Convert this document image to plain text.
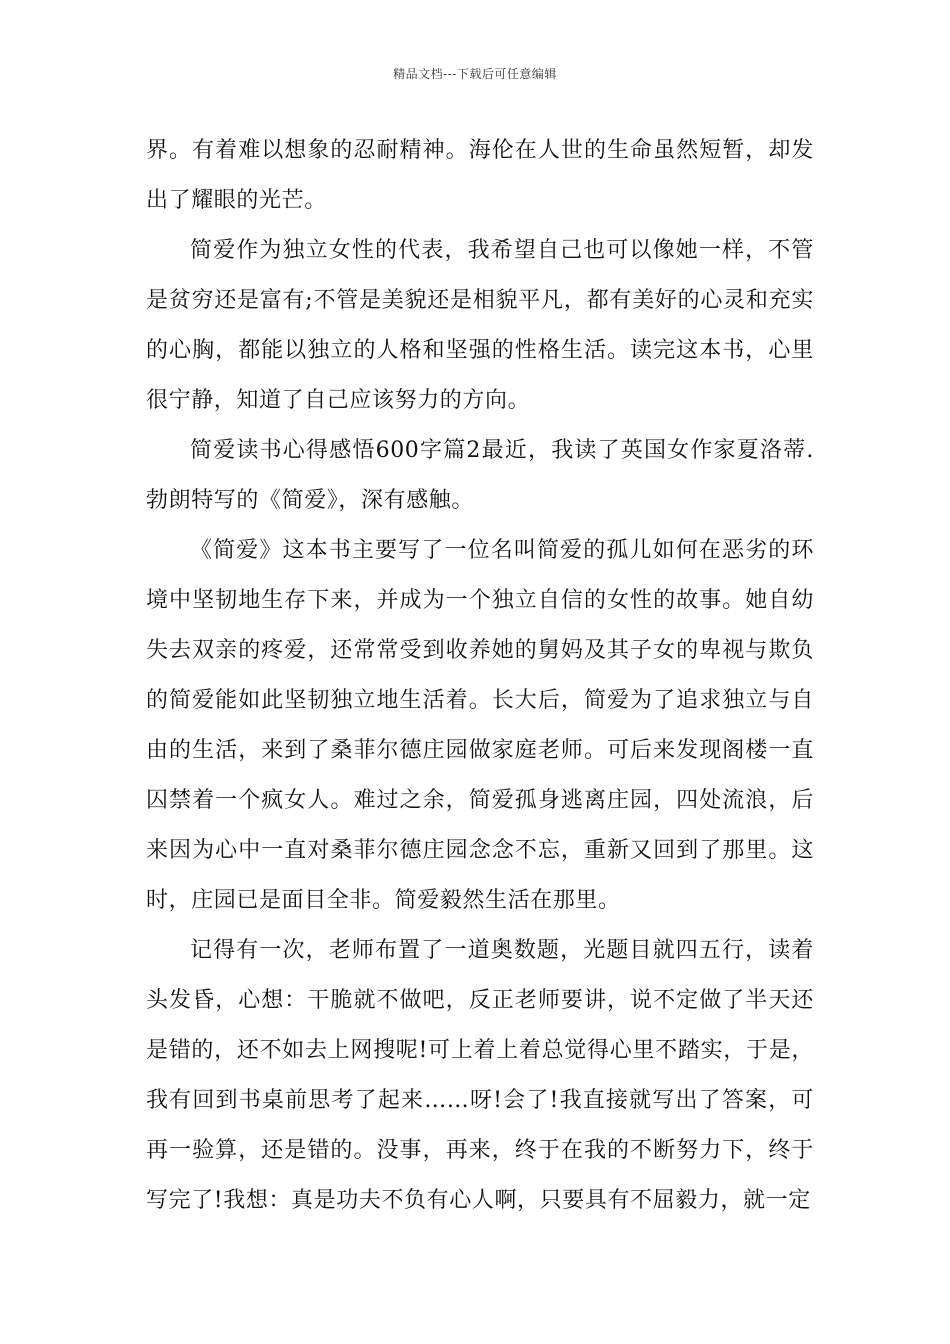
精品文档---下载后可任意编辑

界。有着难以想象的忍耐精神。海伦在人世的生命虽然短暂，却发出了耀眼的光芒。

简爱作为独立女性的代表，我希望自己也可以像她一样，不管是贫穷还是富有;不管是美貌还是相貌平凡，都有美好的心灵和充实的心胸，都能以独立的人格和坚强的性格生活。读完这本书，心里很宁静，知道了自己应该努力的方向。

简爱读书心得感悟600字篇2最近，我读了英国女作家夏洛蒂.勃朗特写的《简爱》，深有感触。

《简爱》这本书主要写了一位名叫简爱的孤儿如何在恶劣的环境中坚韧地生存下来，并成为一个独立自信的女性的故事。她自幼失去双亲的疼爱，还常常受到收养她的舅妈及其子女的卑视与欺负的简爱能如此坚韧独立地生活着。长大后，简爱为了追求独立与自由的生活，来到了桑菲尔德庄园做家庭老师。可后来发现阁楼一直囚禁着一个疯女人。难过之余，简爱孤身逃离庄园，四处流浪，后来因为心中一直对桑菲尔德庄园念念不忘，重新又回到了那里。这时，庄园已是面目全非。简爱毅然生活在那里。

记得有一次，老师布置了一道奥数题，光题目就四五行，读着头发昏，心想：干脆就不做吧，反正老师要讲，说不定做了半天还是错的，还不如去上网搜呢!可上着上着总觉得心里不踏实，于是，我有回到书桌前思考了起来……呀!会了!我直接就写出了答案，可再一验算，还是错的。没事，再来，终于在我的不断努力下，终于写完了!我想：真是功夫不负有心人啊，只要具有不屈毅力，就一定
